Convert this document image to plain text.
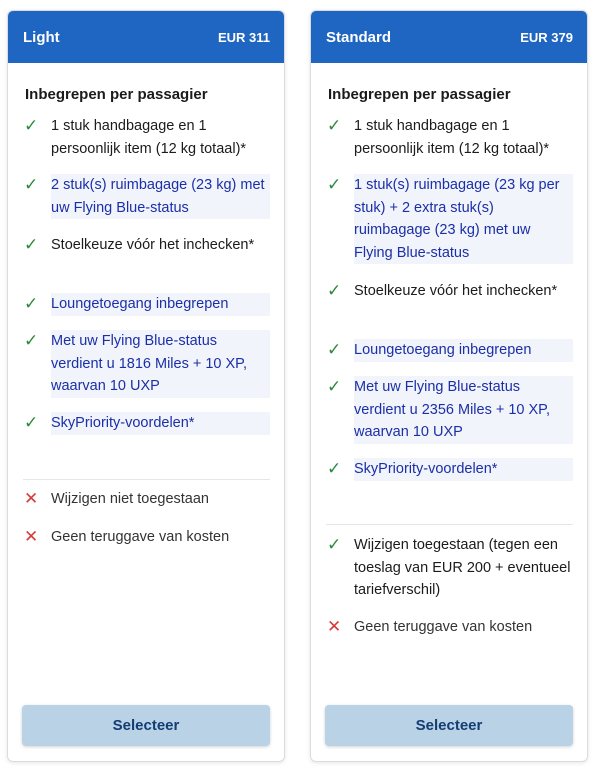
Light	EUR 311
Inbegrepen per passagier
✓ 1 stuk handbagage en 1 persoonlijk item (12 kg totaal)*
✓ 2 stuk(s) ruimbagage (23 kg) met uw Flying Blue-status
✓ Stoelkeuze vóór het inchecken*
✓ Loungetoegang inbegrepen
✓ Met uw Flying Blue-status verdient u 1816 Miles + 10 XP, waarvan 10 UXP
✓ SkyPriority-voordelen*
✕ Wijzigen niet toegestaan
✕ Geen teruggave van kosten
Selecteer
Standard	EUR 379
Inbegrepen per passagier
✓ 1 stuk handbagage en 1 persoonlijk item (12 kg totaal)*
✓ 1 stuk(s) ruimbagage (23 kg per stuk) + 2 extra stuk(s) ruimbagage (23 kg) met uw Flying Blue-status
✓ Stoelkeuze vóór het inchecken*
✓ Loungetoegang inbegrepen
✓ Met uw Flying Blue-status verdient u 2356 Miles + 10 XP, waarvan 10 UXP
✓ SkyPriority-voordelen*
✓ Wijzigen toegestaan (tegen een toeslag van EUR 200 + eventueel tariefverschil)
✕ Geen teruggave van kosten
Selecteer
